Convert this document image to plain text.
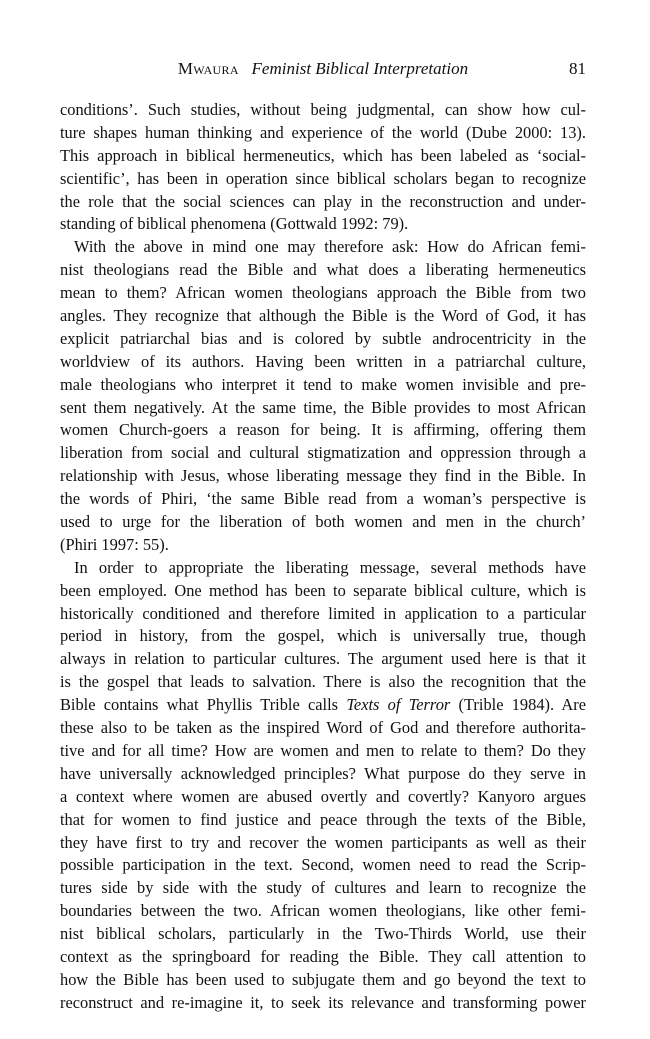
Mwaura Feminist Biblical Interpretation	81
conditions’. Such studies, without being judgmental, can show how cul-
ture shapes human thinking and experience of the world (Dube 2000: 13).
This approach in biblical hermeneutics, which has been labeled as ‘social-
scientific’, has been in operation since biblical scholars began to recognize
the role that the social sciences can play in the reconstruction and under-
standing of biblical phenomena (Gottwald 1992: 79).
With the above in mind one may therefore ask: How do African femi-
nist theologians read the Bible and what does a liberating hermeneutics
mean to them? African women theologians approach the Bible from two
angles. They recognize that although the Bible is the Word of God, it has
explicit patriarchal bias and is colored by subtle androcentricity in the
worldview of its authors. Having been written in a patriarchal culture,
male theologians who interpret it tend to make women invisible and pre-
sent them negatively. At the same time, the Bible provides to most African
women Church-goers a reason for being. It is affirming, offering them
liberation from social and cultural stigmatization and oppression through a
relationship with Jesus, whose liberating message they find in the Bible. In
the words of Phiri, ‘the same Bible read from a woman’s perspective is
used to urge for the liberation of both women and men in the church’
(Phiri 1997: 55).
In order to appropriate the liberating message, several methods have
been employed. One method has been to separate biblical culture, which is
historically conditioned and therefore limited in application to a particular
period in history, from the gospel, which is universally true, though
always in relation to particular cultures. The argument used here is that it
is the gospel that leads to salvation. There is also the recognition that the
Bible contains what Phyllis Trible calls Texts of Terror (Trible 1984). Are
these also to be taken as the inspired Word of God and therefore authorita-
tive and for all time? How are women and men to relate to them? Do they
have universally acknowledged principles? What purpose do they serve in
a context where women are abused overtly and covertly? Kanyoro argues
that for women to find justice and peace through the texts of the Bible,
they have first to try and recover the women participants as well as their
possible participation in the text. Second, women need to read the Scrip-
tures side by side with the study of cultures and learn to recognize the
boundaries between the two. African women theologians, like other femi-
nist biblical scholars, particularly in the Two-Thirds World, use their
context as the springboard for reading the Bible. They call attention to
how the Bible has been used to subjugate them and go beyond the text to
reconstruct and re-imagine it, to seek its relevance and transforming power
